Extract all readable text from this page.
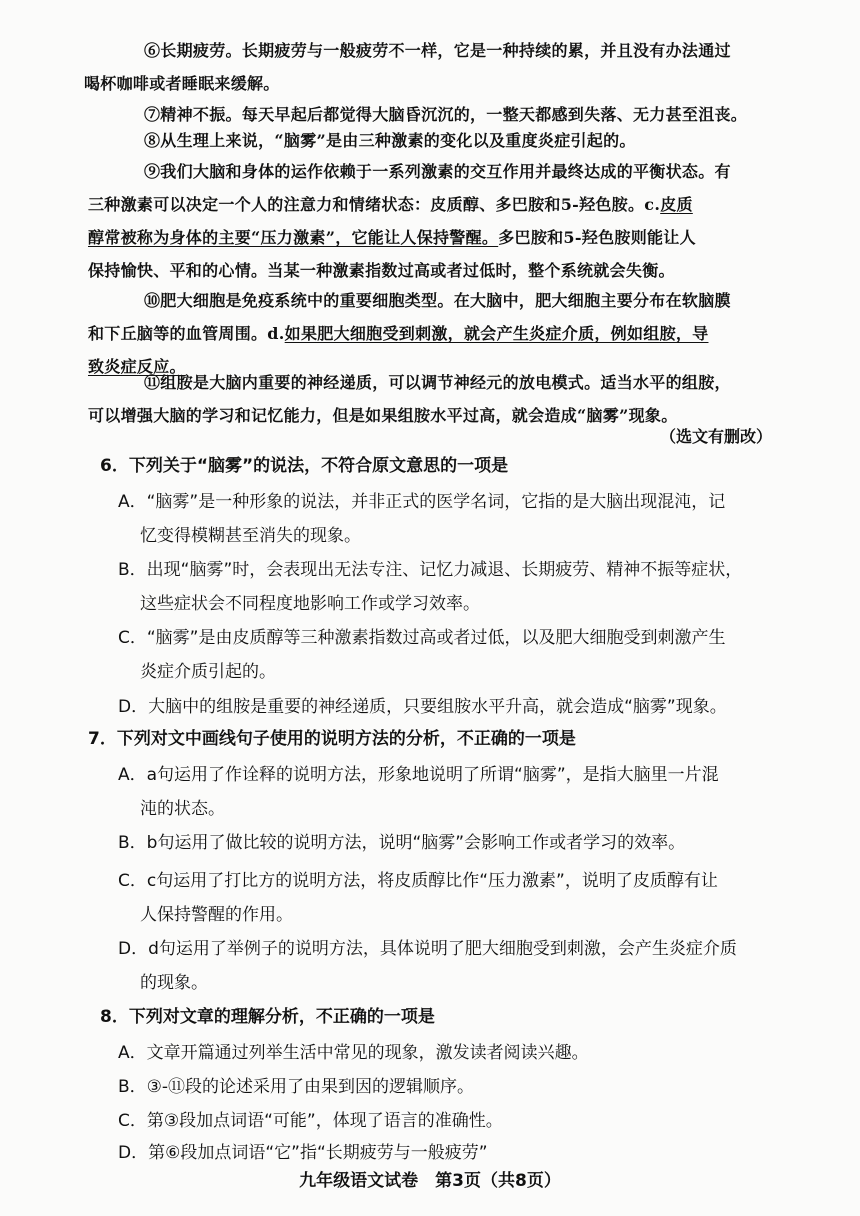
⑥长期疲劳。长期疲劳与一般疲劳不一样，它是一种持续的累，并且没有办法通过
喝杯咖啡或者睡眠来缓解。
⑦精神不振。每天早起后都觉得大脑昏沉沉的，一整天都感到失落、无力甚至沮丧。
⑧从生理上来说，“脑雾”是由三种激素的变化以及重度炎症引起的。
⑨我们大脑和身体的运作依赖于一系列激素的交互作用并最终达成的平衡状态。有
三种激素可以决定一个人的注意力和情绪状态：皮质醇、多巴胺和5-羟色胺。c.皮质
醇常被称为身体的主要“压力激素”，它能让人保持警醒。多巴胺和5-羟色胺则能让人
保持愉快、平和的心情。当某一种激素指数过高或者过低时，整个系统就会失衡。
⑩肥大细胞是免疫系统中的重要细胞类型。在大脑中，肥大细胞主要分布在软脑膜
和下丘脑等的血管周围。d.如果肥大细胞受到刺激，就会产生炎症介质，例如组胺，导
致炎症反应。
⑪组胺是大脑内重要的神经递质，可以调节神经元的放电模式。适当水平的组胺，
可以增强大脑的学习和记忆能力，但是如果组胺水平过高，就会造成“脑雾”现象。
（选文有删改）
6．下列关于“脑雾”的说法，不符合原文意思的一项是
A．“脑雾”是一种形象的说法，并非正式的医学名词，它指的是大脑出现混沌，记
忆变得模糊甚至消失的现象。
B．出现“脑雾”时，会表现出无法专注、记忆力减退、长期疲劳、精神不振等症状，
这些症状会不同程度地影响工作或学习效率。
C．“脑雾”是由皮质醇等三种激素指数过高或者过低，以及肥大细胞受到刺激产生
炎症介质引起的。
D．大脑中的组胺是重要的神经递质，只要组胺水平升高，就会造成“脑雾”现象。
7．下列对文中画线句子使用的说明方法的分析，不正确的一项是
A．a句运用了作诠释的说明方法，形象地说明了所谓“脑雾”，是指大脑里一片混
沌的状态。
B．b句运用了做比较的说明方法，说明“脑雾”会影响工作或者学习的效率。
C．c句运用了打比方的说明方法，将皮质醇比作“压力激素”，说明了皮质醇有让
人保持警醒的作用。
D．d句运用了举例子的说明方法，具体说明了肥大细胞受到刺激，会产生炎症介质
的现象。
8．下列对文章的理解分析，不正确的一项是
A．文章开篇通过列举生活中常见的现象，激发读者阅读兴趣。
B．③-⑪段的论述采用了由果到因的逻辑顺序。
C．第③段加点词语“可能”，体现了语言的准确性。
D．第⑥段加点词语“它”指“长期疲劳与一般疲劳”
九年级语文试卷　第3页（共8页）
